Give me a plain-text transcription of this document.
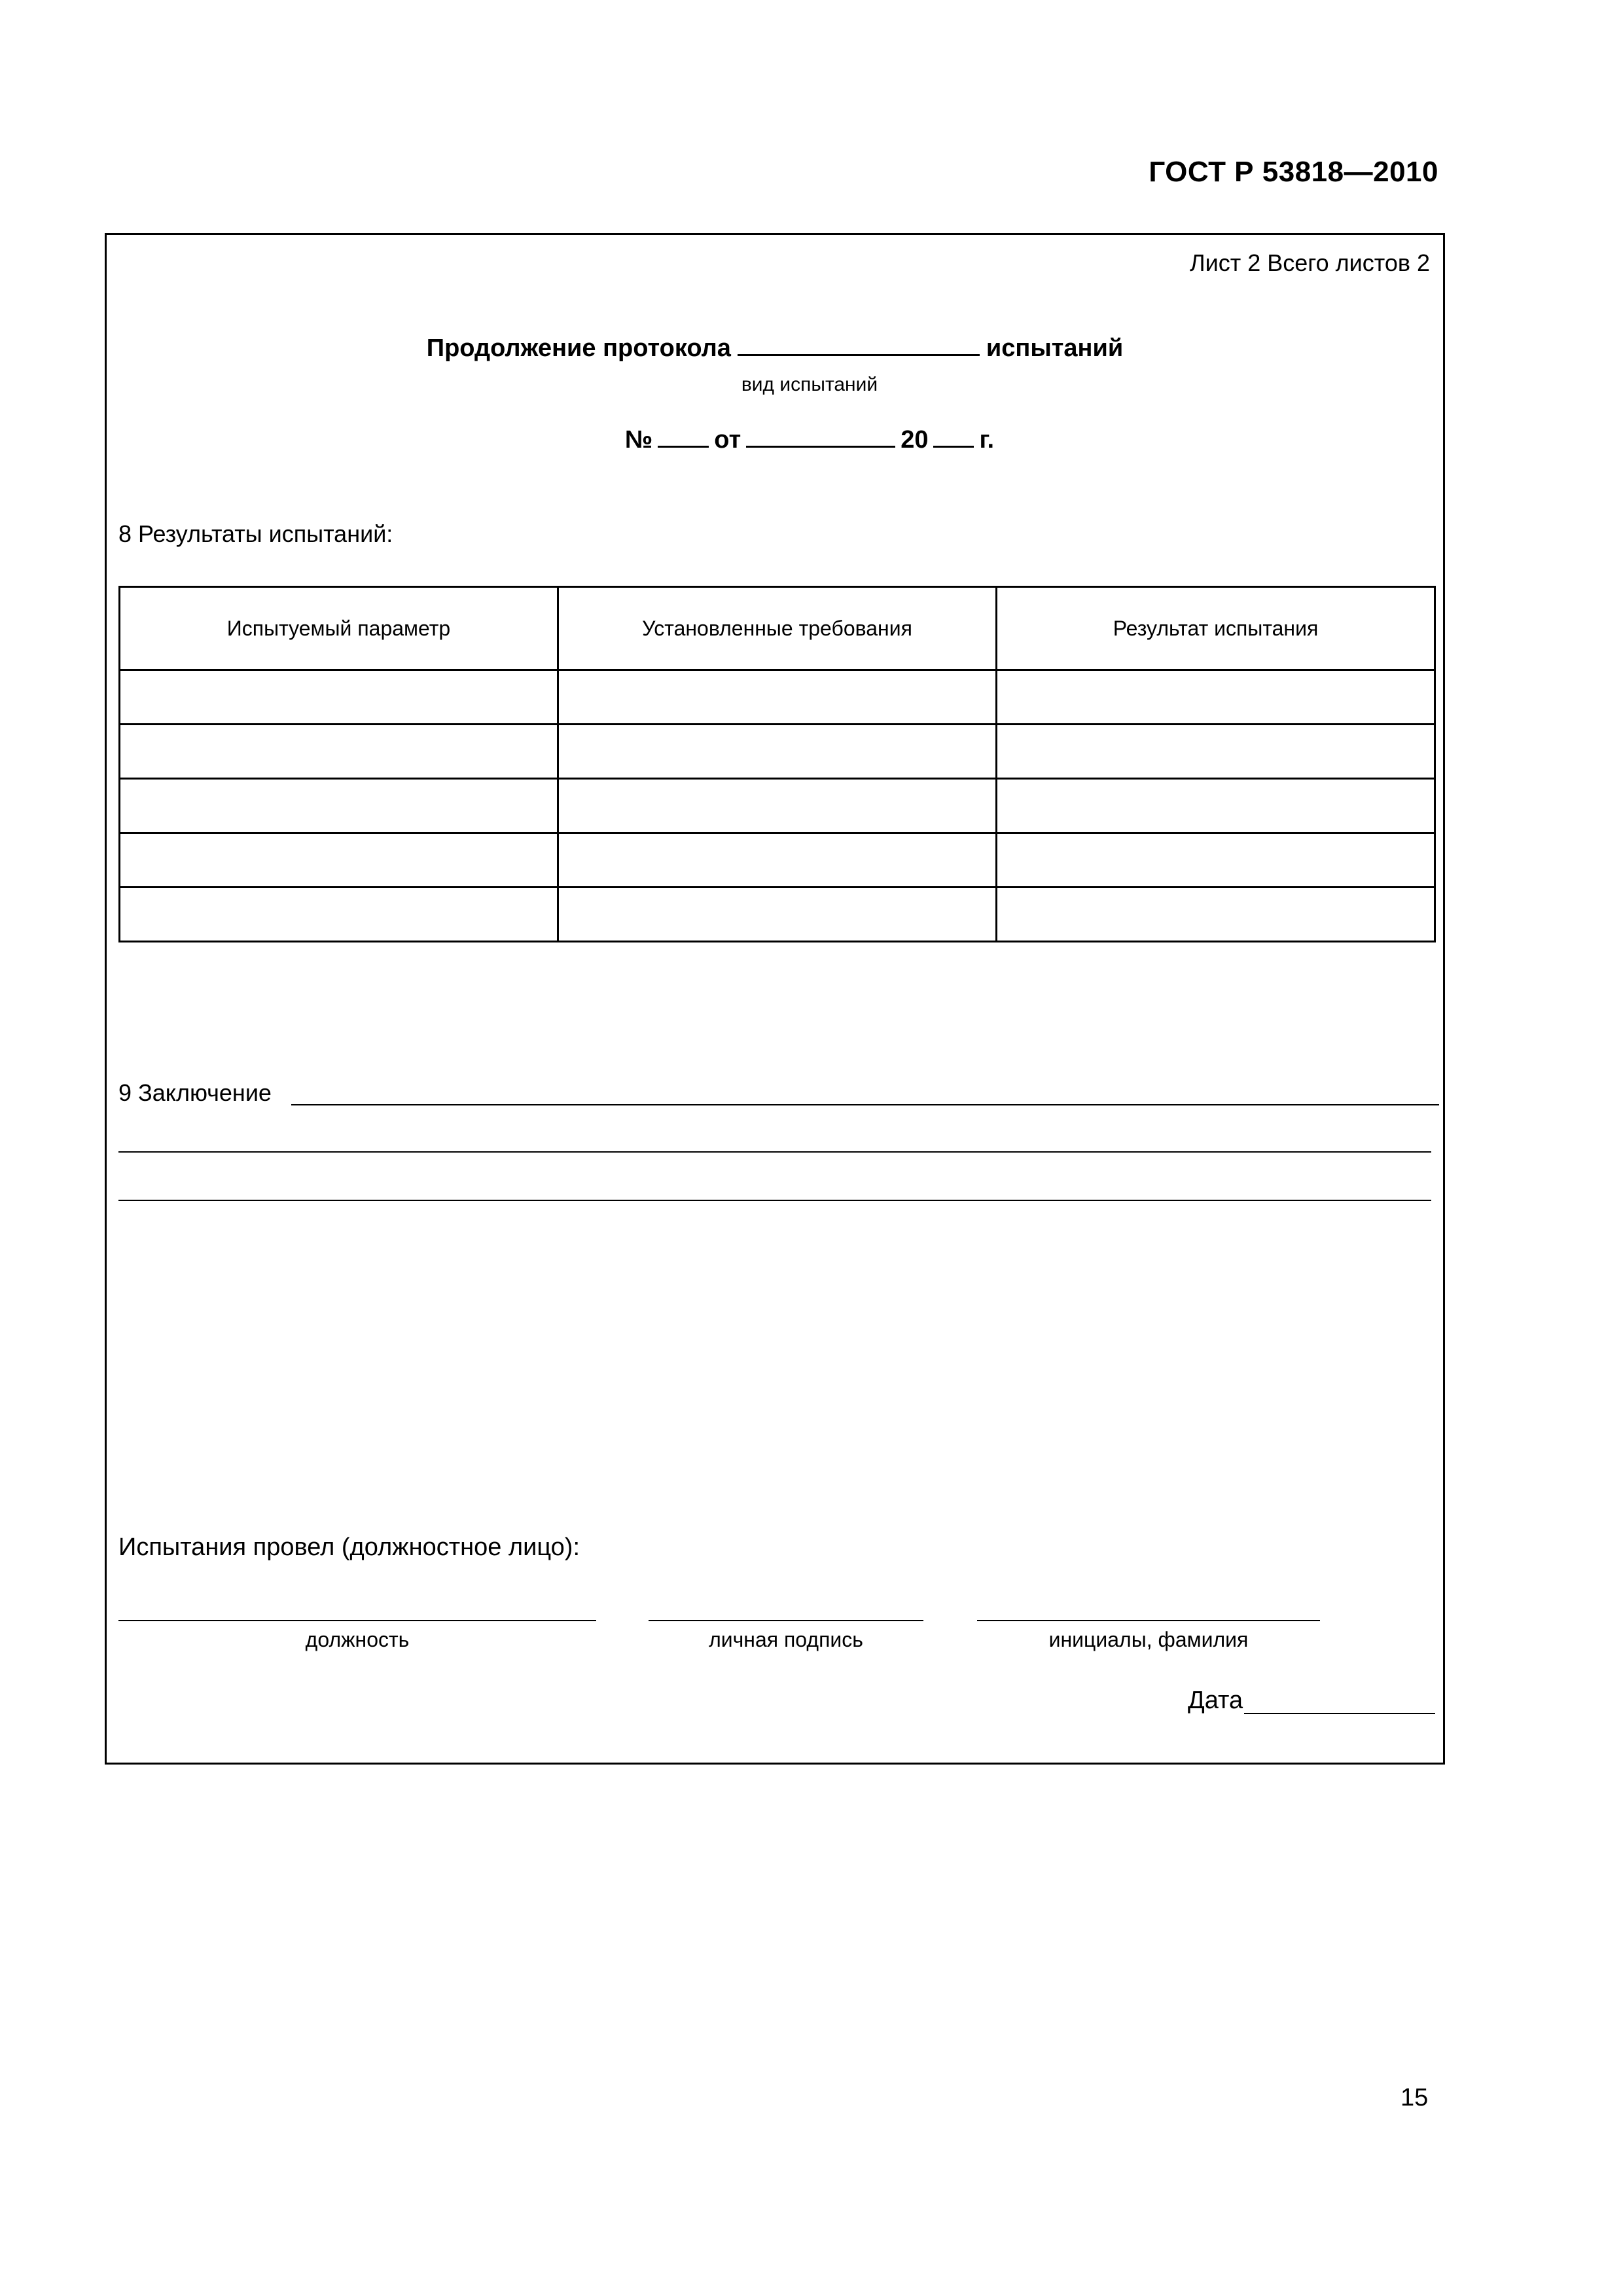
ГОСТ Р 53818—2010
Лист 2 Всего листов 2
Продолжение протокола	испытаний
вид испытаний
№ от	20 г.
8 Результаты испытаний:
Испытуемый параметр	Установленные требования	Результат испытания

9 Заключение
Испытания провел (должностное лицо):
должность	личная подпись	инициалы, фамилия
Дата
15
